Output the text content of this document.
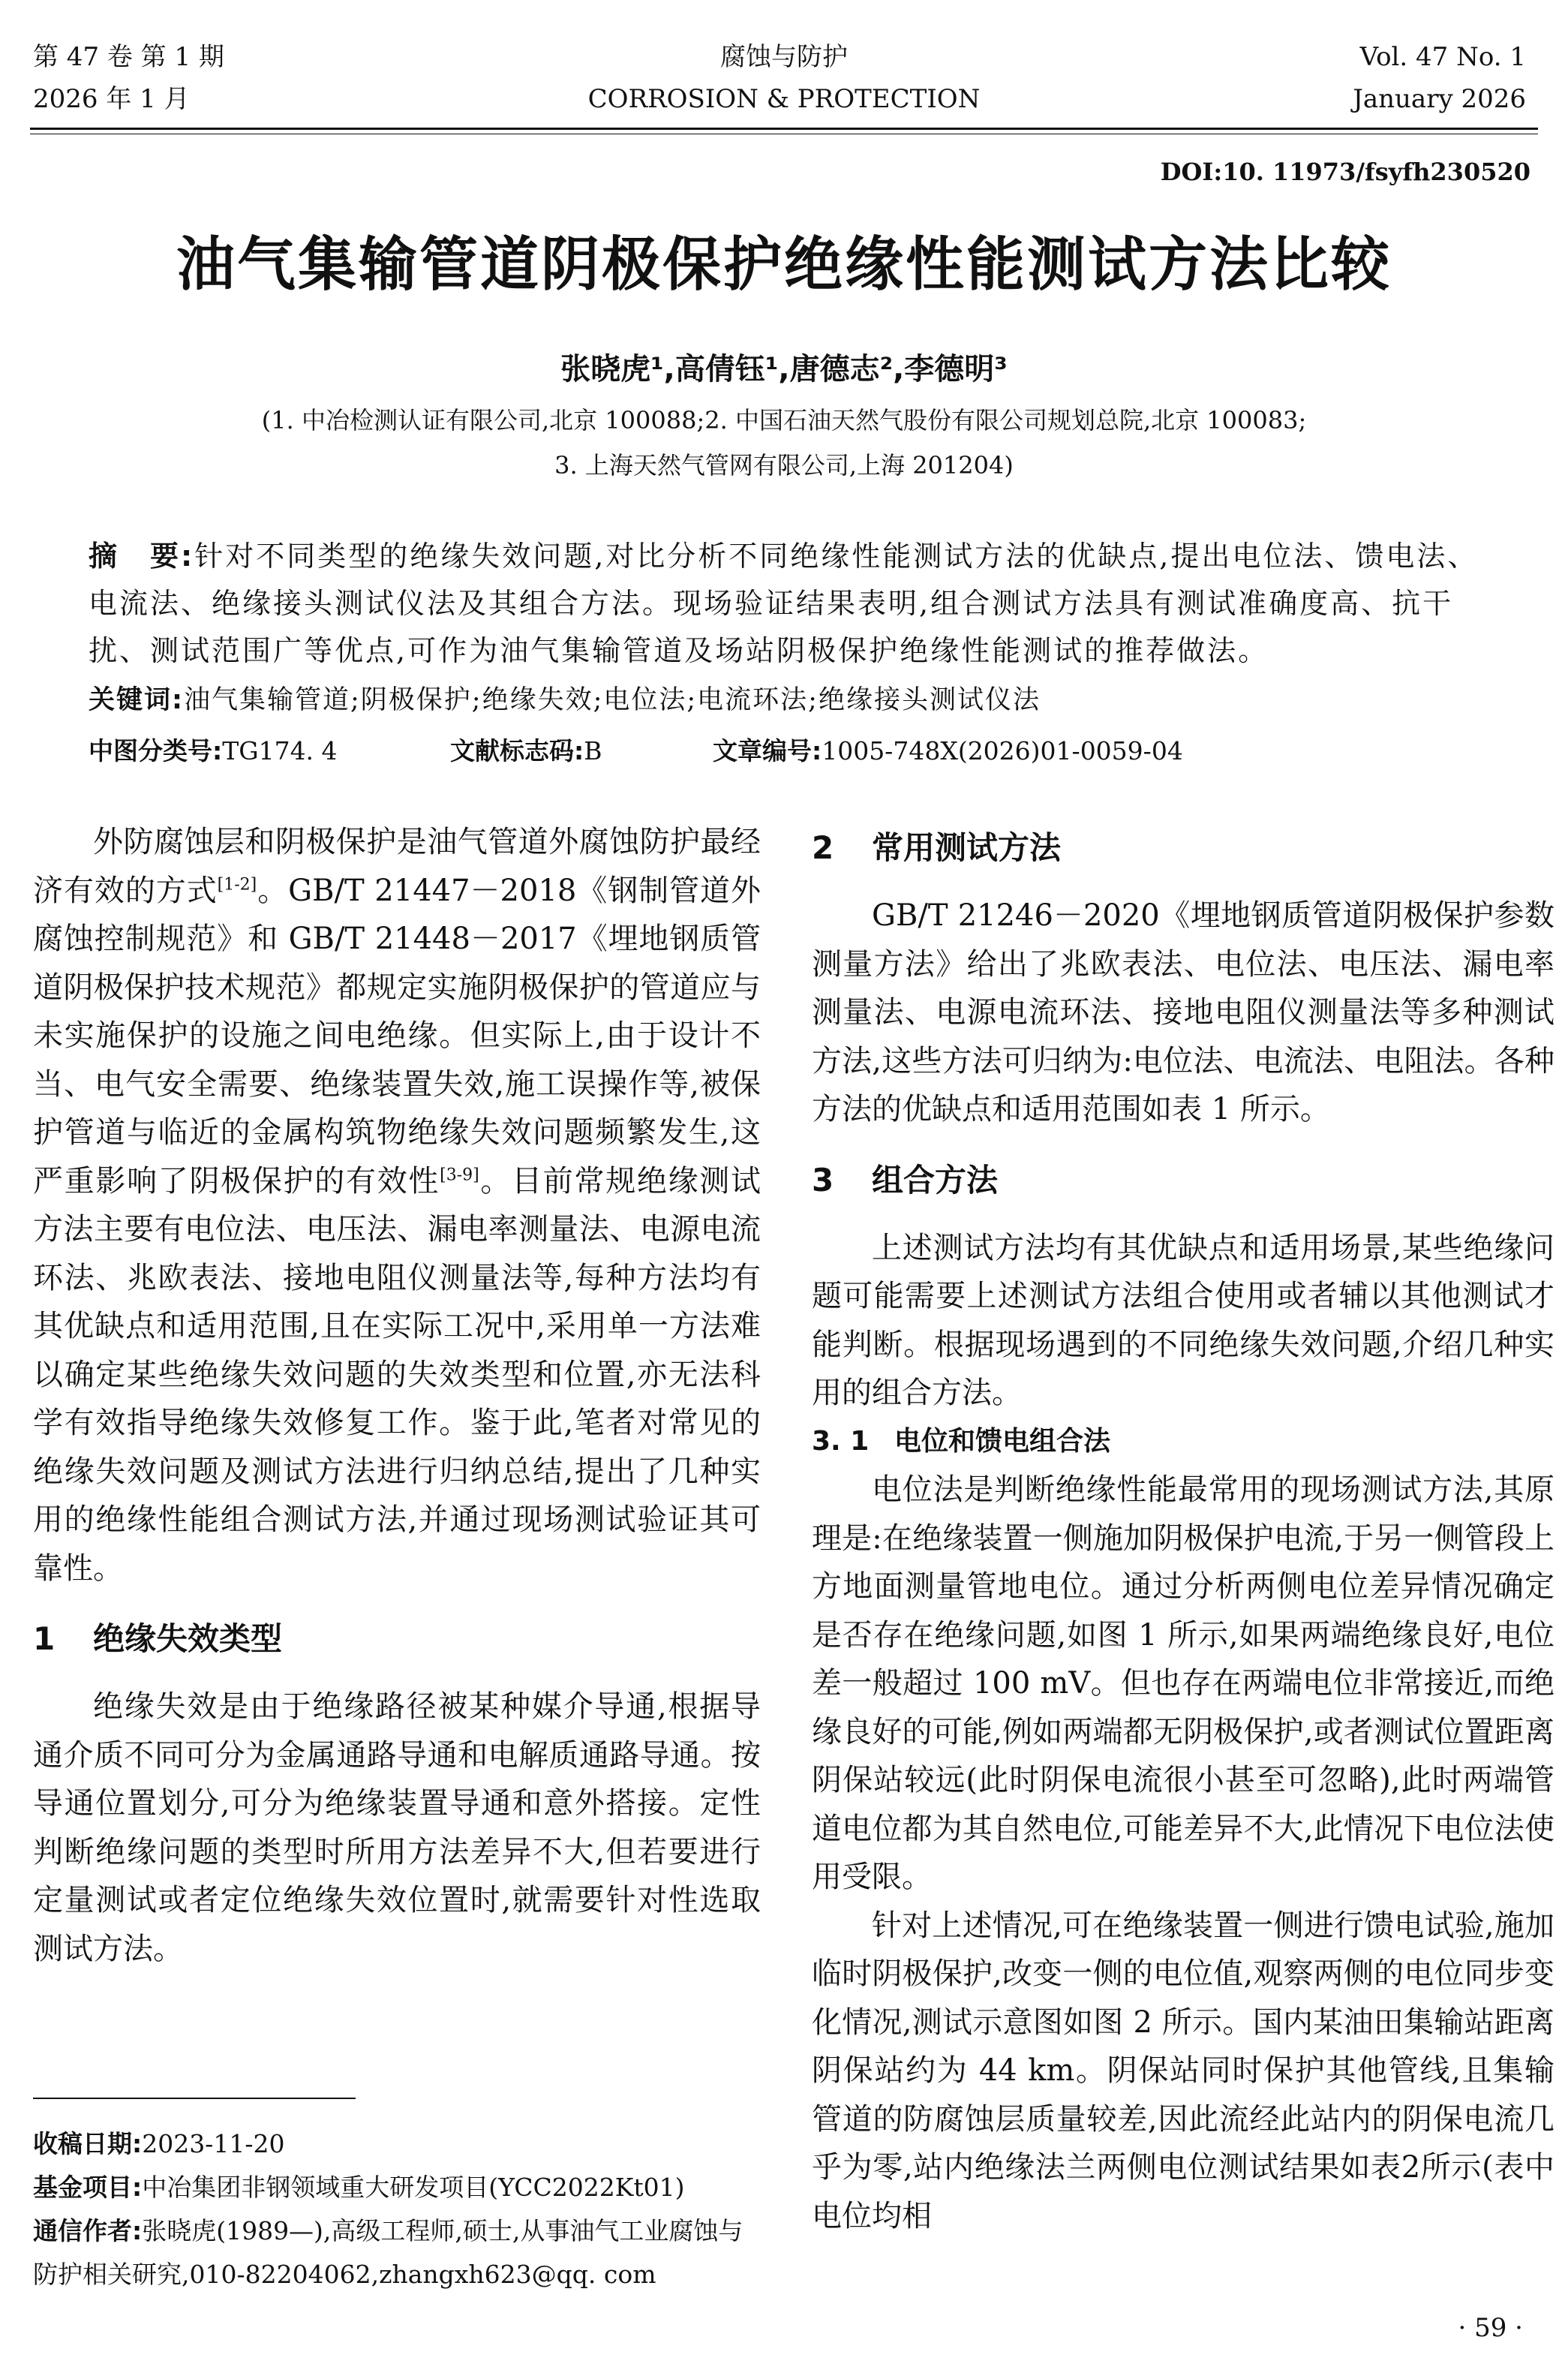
第 47 卷 第 1 期
2026 年 1 月
腐蚀与防护
CORROSION & PROTECTION
Vol. 47 No. 1
January 2026
DOI:10. 11973/fsyfh230520
油气集输管道阴极保护绝缘性能测试方法比较
张晓虎¹,高倩钰¹,唐德志²,李德明³
(1. 中冶检测认证有限公司,北京 100088;2. 中国石油天然气股份有限公司规划总院,北京 100083;
3. 上海天然气管网有限公司,上海 201204)
摘　要:针对不同类型的绝缘失效问题,对比分析不同绝缘性能测试方法的优缺点,提出电位法、馈电法、电流法、绝缘接头测试仪法及其组合方法。现场验证结果表明,组合测试方法具有测试准确度高、抗干扰、测试范围广等优点,可作为油气集输管道及场站阴极保护绝缘性能测试的推荐做法。
关键词:油气集输管道;阴极保护;绝缘失效;电位法;电流环法;绝缘接头测试仪法
中图分类号:TG174. 4	文献标志码:B	文章编号:1005-748X(2026)01-0059-04

外防腐蚀层和阴极保护是油气管道外腐蚀防护最经济有效的方式[1-2]。GB/T 21447－2018《钢制管道外腐蚀控制规范》和 GB/T 21448－2017《埋地钢质管道阴极保护技术规范》都规定实施阴极保护的管道应与未实施保护的设施之间电绝缘。但实际上,由于设计不当、电气安全需要、绝缘装置失效,施工误操作等,被保护管道与临近的金属构筑物绝缘失效问题频繁发生,这严重影响了阴极保护的有效性[3-9]。目前常规绝缘测试方法主要有电位法、电压法、漏电率测量法、电源电流环法、兆欧表法、接地电阻仪测量法等,每种方法均有其优缺点和适用范围,且在实际工况中,采用单一方法难以确定某些绝缘失效问题的失效类型和位置,亦无法科学有效指导绝缘失效修复工作。鉴于此,笔者对常见的绝缘失效问题及测试方法进行归纳总结,提出了几种实用的绝缘性能组合测试方法,并通过现场测试验证其可靠性。

1 绝缘失效类型

绝缘失效是由于绝缘路径被某种媒介导通,根据导通介质不同可分为金属通路导通和电解质通路导通。按导通位置划分,可分为绝缘装置导通和意外搭接。定性判断绝缘问题的类型时所用方法差异不大,但若要进行定量测试或者定位绝缘失效位置时,就需要针对性选取测试方法。

2 常用测试方法

GB/T 21246－2020《埋地钢质管道阴极保护参数测量方法》给出了兆欧表法、电位法、电压法、漏电率测量法、电源电流环法、接地电阻仪测量法等多种测试方法,这些方法可归纳为:电位法、电流法、电阻法。各种方法的优缺点和适用范围如表 1 所示。

3 组合方法

上述测试方法均有其优缺点和适用场景,某些绝缘问题可能需要上述测试方法组合使用或者辅以其他测试才能判断。根据现场遇到的不同绝缘失效问题,介绍几种实用的组合方法。

3. 1 电位和馈电组合法

电位法是判断绝缘性能最常用的现场测试方法,其原理是:在绝缘装置一侧施加阴极保护电流,于另一侧管段上方地面测量管地电位。通过分析两侧电位差异情况确定是否存在绝缘问题,如图 1 所示,如果两端绝缘良好,电位差一般超过 100 mV。但也存在两端电位非常接近,而绝缘良好的可能,例如两端都无阴极保护,或者测试位置距离阴保站较远(此时阴保电流很小甚至可忽略),此时两端管道电位都为其自然电位,可能差异不大,此情况下电位法使用受限。

针对上述情况,可在绝缘装置一侧进行馈电试验,施加临时阴极保护,改变一侧的电位值,观察两侧的电位同步变化情况,测试示意图如图 2 所示。国内某油田集输站距离阴保站约为 44 km。阴保站同时保护其他管线,且集输管道的防腐蚀层质量较差,因此流经此站内的阴保电流几乎为零,站内绝缘法兰两侧电位测试结果如表2所示(表中电位均相

收稿日期:2023-11-20
基金项目:中冶集团非钢领域重大研发项目(YCC2022Kt01)
通信作者:张晓虎(1989—),高级工程师,硕士,从事油气工业腐蚀与防护相关研究,010-82204062,zhangxh623@qq. com
· 59 ·
